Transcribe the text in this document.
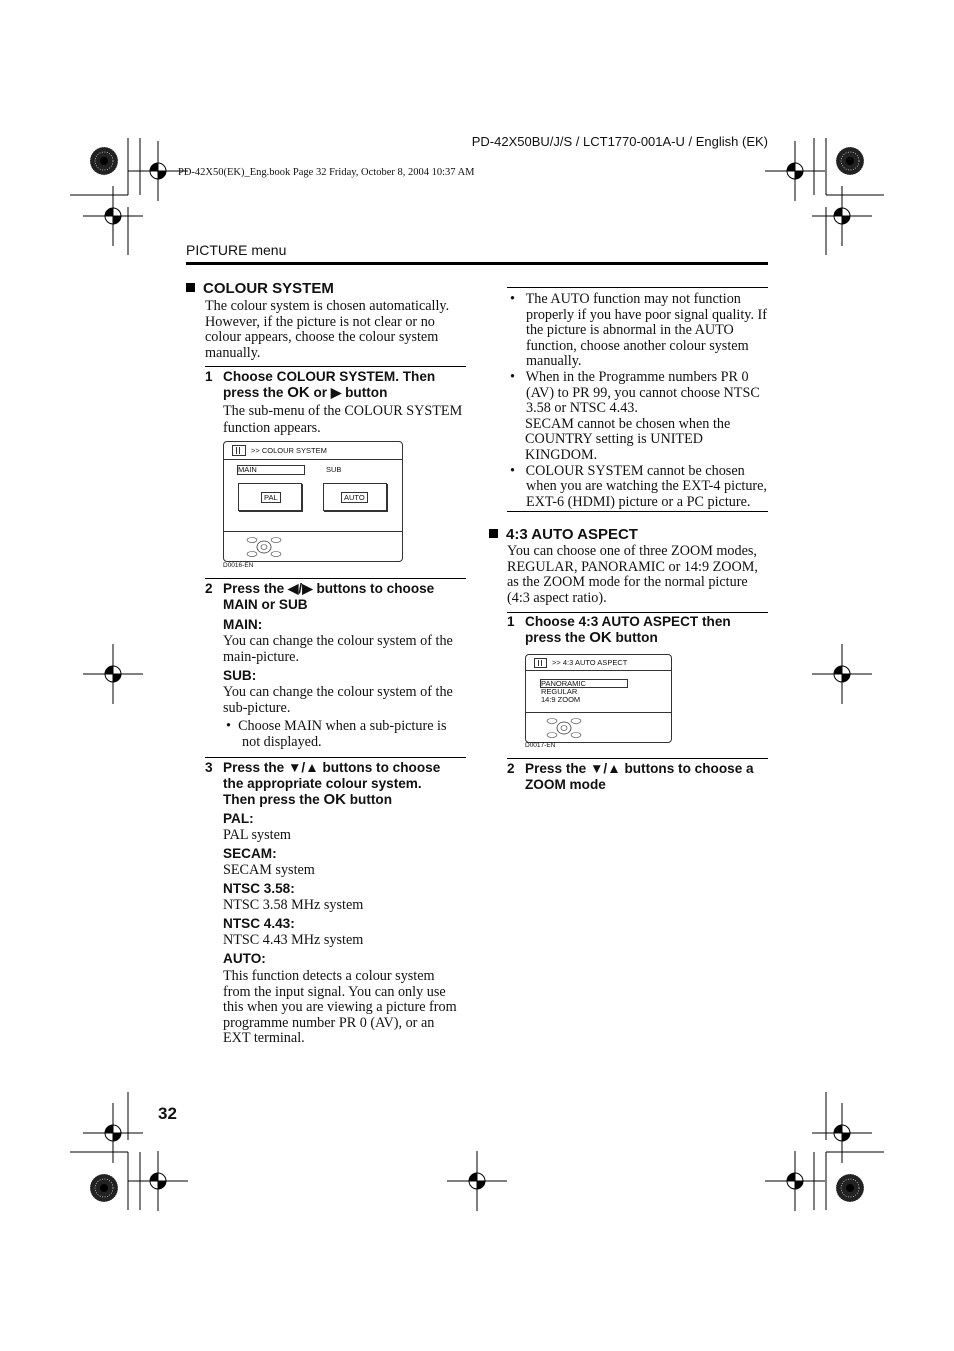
PD-42X50BU/J/S / LCT1770-001A-U / English (EK)
PD-42X50(EK)_Eng.book Page 32 Friday, October 8, 2004 10:37 AM
PICTURE menu
COLOUR SYSTEM
The colour system is chosen automatically. However, if the picture is not clear or no colour appears, choose the colour system manually.
1 Choose COLOUR SYSTEM. Then
press the OK or ▶ button
The sub-menu of the COLOUR SYSTEM function appears.
>> COLOUR SYSTEM
MAIN	SUB
PAL	AUTO
D0016-EN
2 Press the ◀/▶ buttons to choose
MAIN or SUB
MAIN:
You can change the colour system of the main-picture.
SUB:
You can change the colour system of the sub-picture.
•  Choose MAIN when a sub-picture is not displayed.
3 Press the ▼/▲ buttons to choose
the appropriate colour system.
Then press the OK button
PAL:
PAL system
SECAM:
SECAM system
NTSC 3.58:
NTSC 3.58 MHz system
NTSC 4.43:
NTSC 4.43 MHz system
AUTO:
This function detects a colour system from the input signal. You can only use this when you are viewing a picture from programme number PR 0 (AV), or an EXT terminal.
•   The AUTO function may not function properly if you have poor signal quality. If the picture is abnormal in the AUTO function, choose another colour system manually.
•   When in the Programme numbers PR 0 (AV) to PR 99, you cannot choose NTSC 3.58 or NTSC 4.43.
SECAM cannot be chosen when the COUNTRY setting is UNITED KINGDOM.
•   COLOUR SYSTEM cannot be chosen when you are watching the EXT-4 picture, EXT-6 (HDMI) picture or a PC picture.
4:3 AUTO ASPECT
You can choose one of three ZOOM modes, REGULAR, PANORAMIC or 14:9 ZOOM, as the ZOOM mode for the normal picture (4:3 aspect ratio).
1 Choose 4:3 AUTO ASPECT then
press the OK button
>> 4:3 AUTO ASPECT
PANORAMIC
REGULAR
14:9 ZOOM
D0017-EN
2 Press the ▼/▲ buttons to choose a
ZOOM mode
32
